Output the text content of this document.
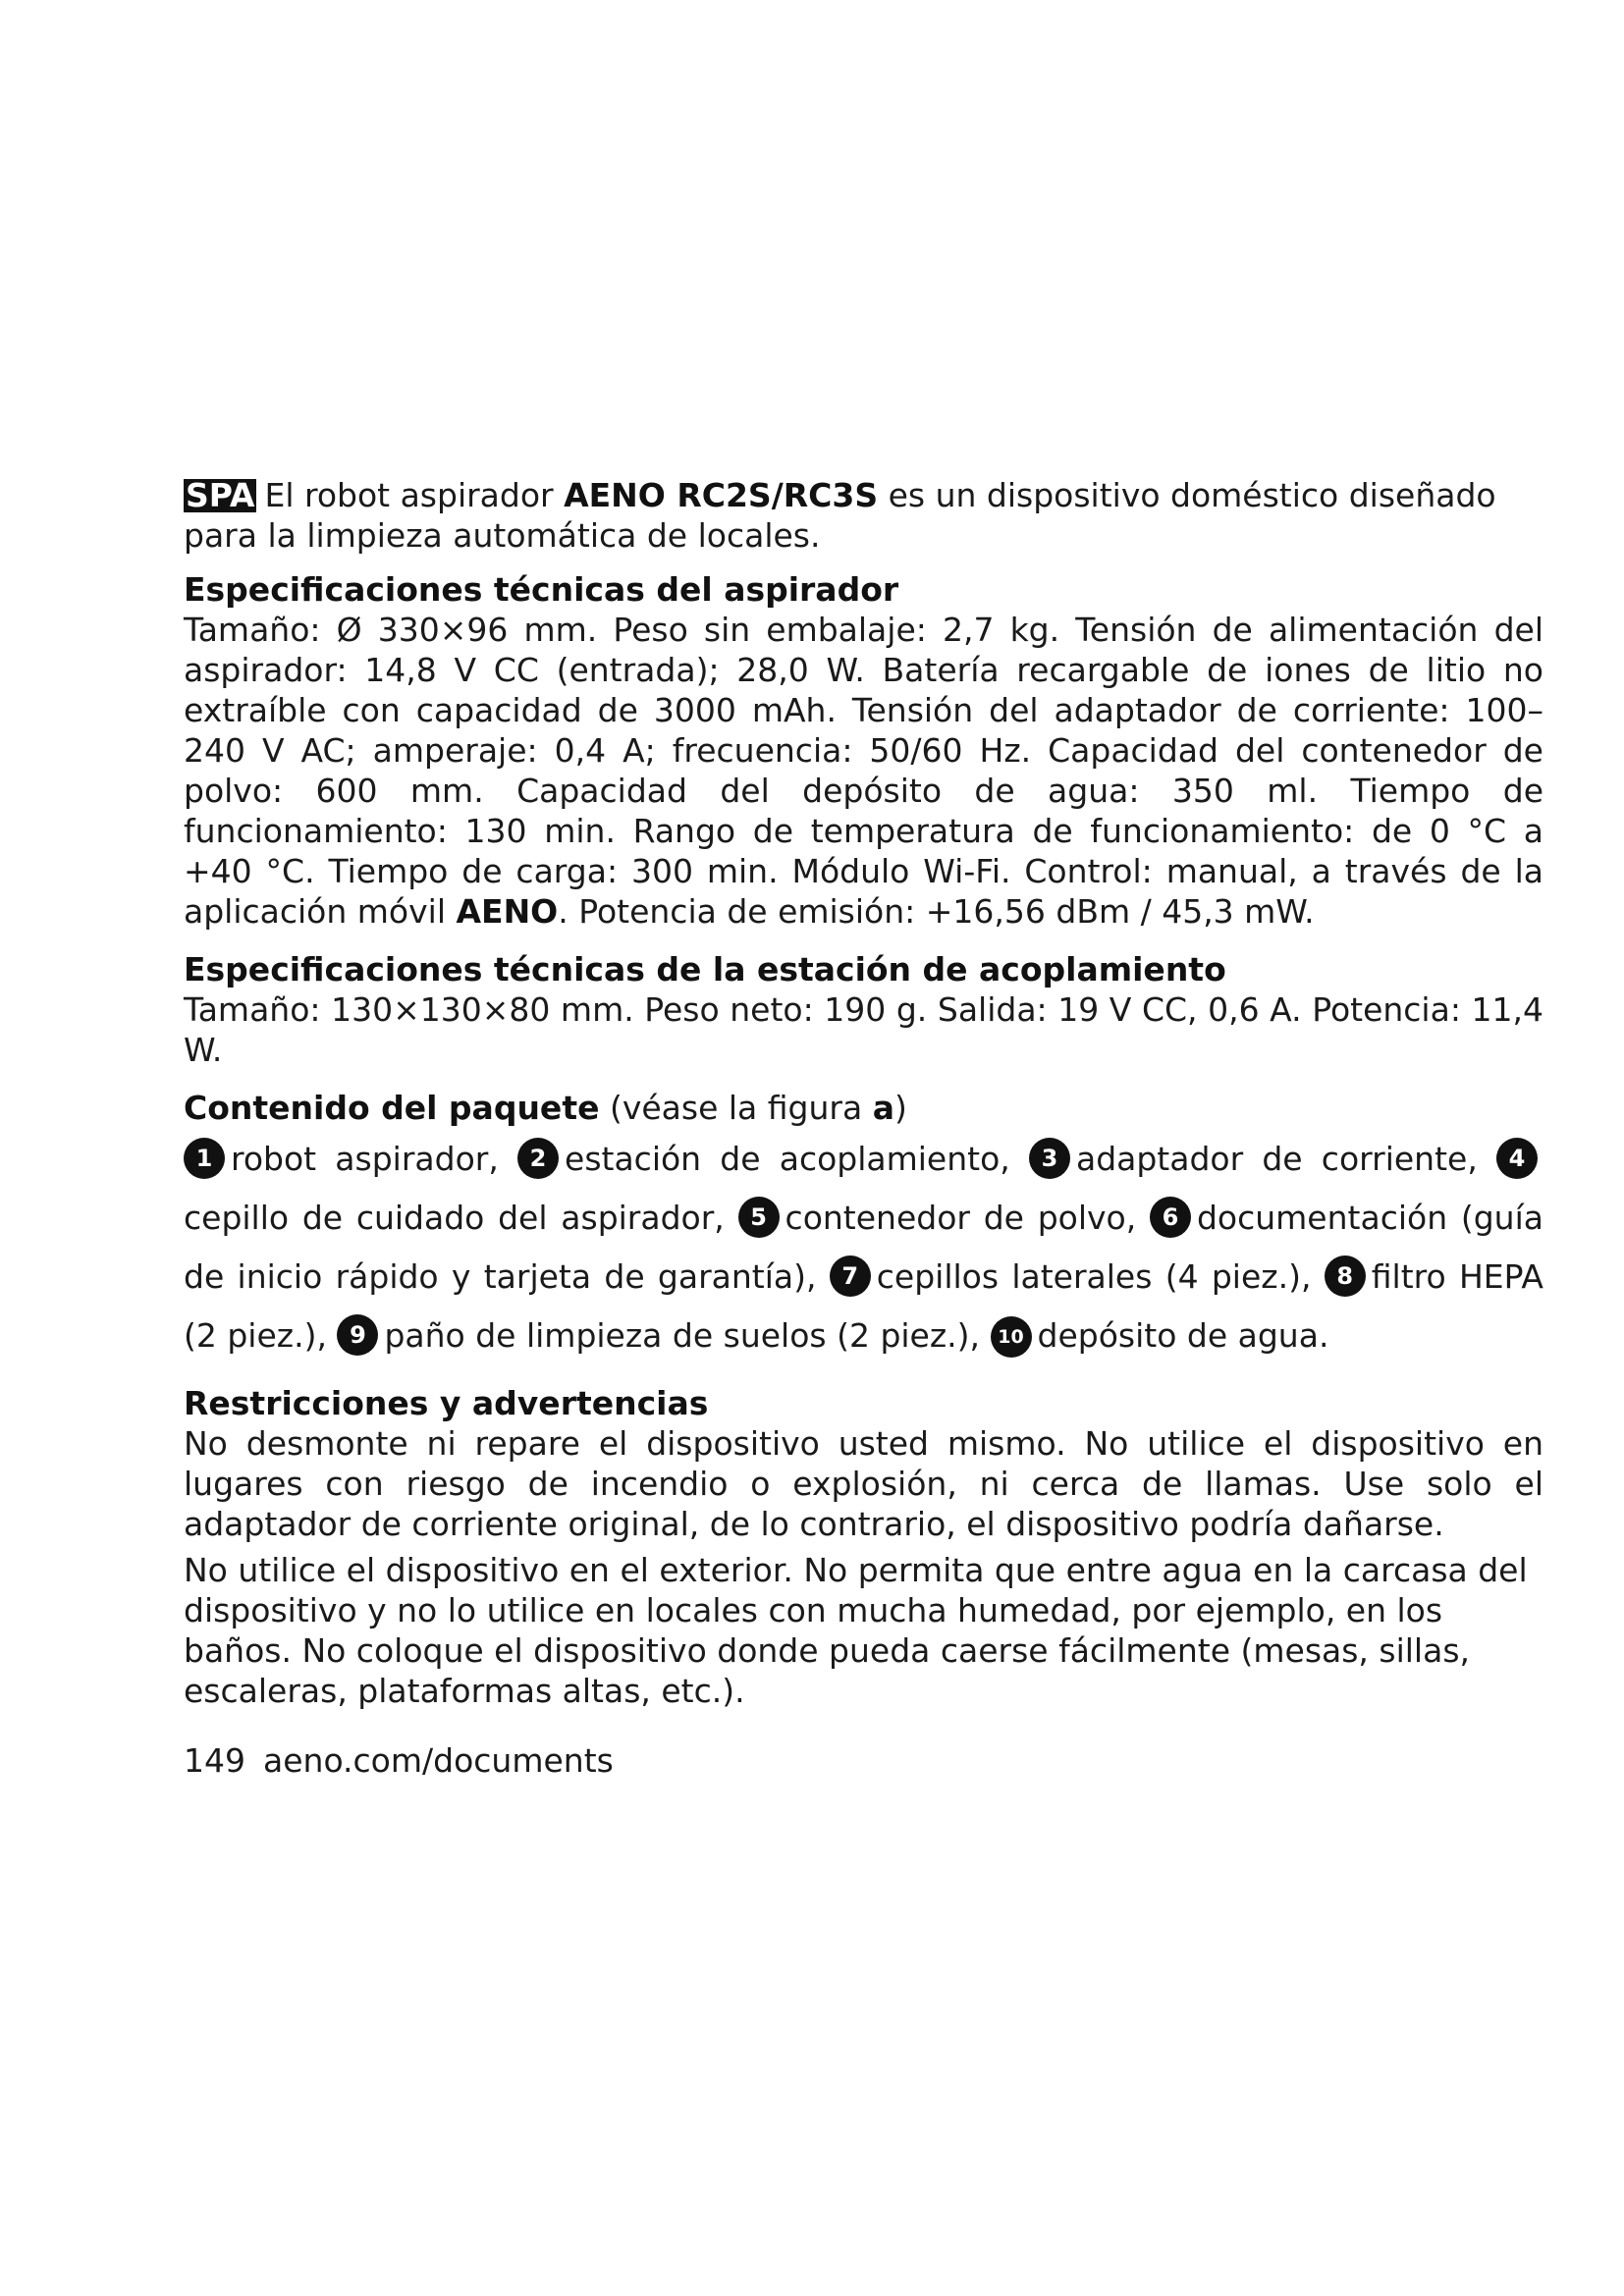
SPA El robot aspirador AENO RC2S/RC3S es un dispositivo doméstico diseñado para la limpieza automática de locales.

Especificaciones técnicas del aspirador

Tamaño: Ø 330×96 mm. Peso sin embalaje: 2,7 kg. Tensión de alimentación del aspirador: 14,8 V CC (entrada); 28,0 W. Batería recargable de iones de litio no extraíble con capacidad de 3000 mAh. Tensión del adaptador de corriente: 100–240 V AC; amperaje: 0,4 A; frecuencia: 50/60 Hz. Capacidad del contenedor de polvo: 600 mm. Capacidad del depósito de agua: 350 ml. Tiempo de funcionamiento: 130 min. Rango de temperatura de funcionamiento: de 0 °C a +40 °C. Tiempo de carga: 300 min. Módulo Wi-Fi. Control: manual, a través de la aplicación móvil AENO. Potencia de emisión: +16,56 dBm / 45,3 mW.

Especificaciones técnicas de la estación de acoplamiento

Tamaño: 130×130×80 mm. Peso neto: 190 g. Salida: 19 V CC, 0,6 A. Potencia: 11,4 W.

Contenido del paquete (véase la figura a)

1 robot aspirador, 2 estación de acoplamiento, 3 adaptador de corriente, 4cepillo de cuidado del aspirador, 5 contenedor de polvo, 6 documentación (guía de inicio rápido y tarjeta de garantía), 7 cepillos laterales (4 piez.), 8 filtro HEPA (2 piez.), 9 paño de limpieza de suelos (2 piez.), 10 depósito de agua.

Restricciones y advertencias

No desmonte ni repare el dispositivo usted mismo. No utilice el dispositivo en lugares con riesgo de incendio o explosión, ni cerca de llamas. Use solo el adaptador de corriente original, de lo contrario, el dispositivo podría dañarse.

No utilice el dispositivo en el exterior. No permita que entre agua en la carcasa del dispositivo y no lo utilice en locales con mucha humedad, por ejemplo, en los baños. No coloque el dispositivo donde pueda caerse fácilmente (mesas, sillas, escaleras, plataformas altas, etc.).

149 aeno.com/documents
